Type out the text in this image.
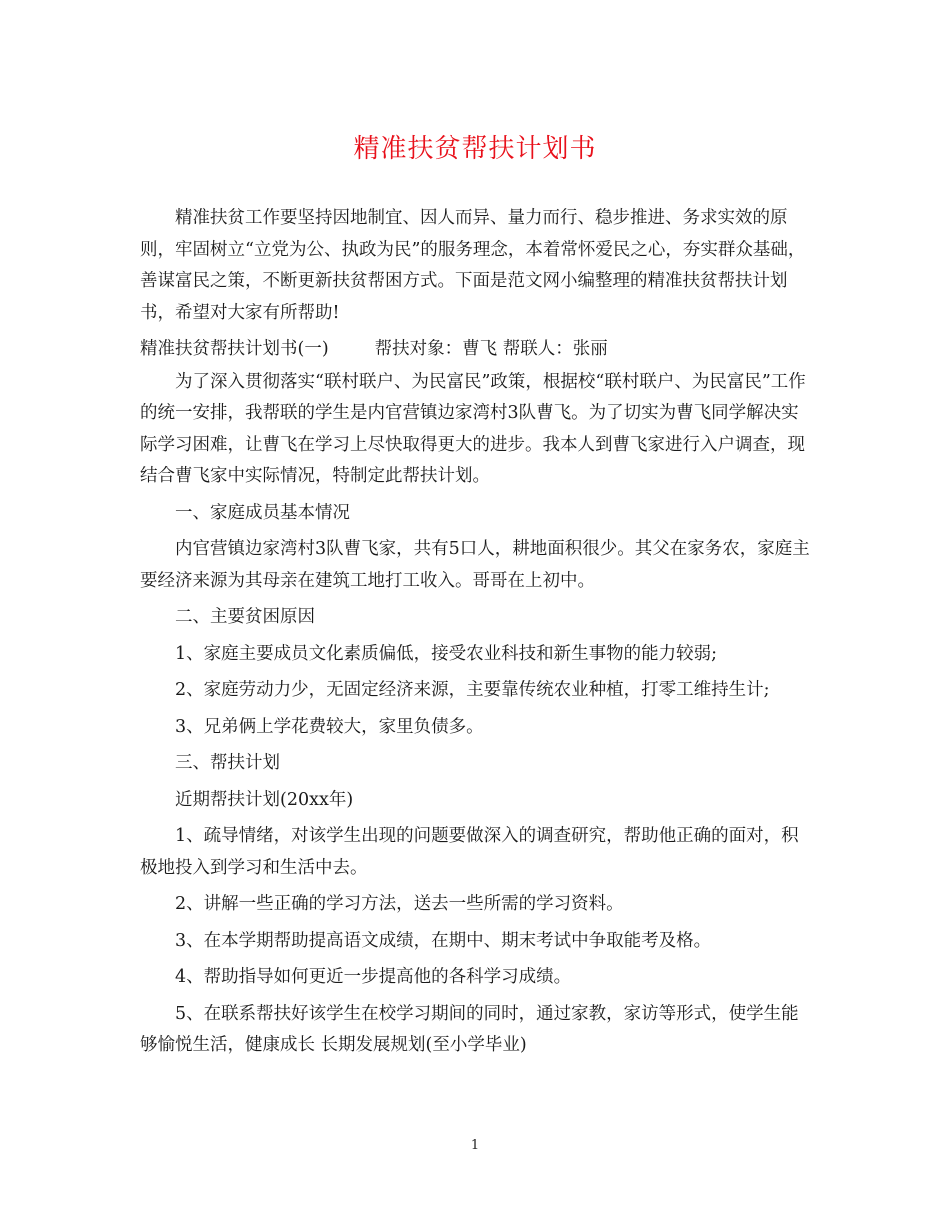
精准扶贫帮扶计划书

精准扶贫工作要坚持因地制宜、因人而异、量力而行、稳步推进、务求实效的原则，牢固树立“立党为公、执政为民”的服务理念，本着常怀爱民之心，夯实群众基础，善谋富民之策，不断更新扶贫帮困方式。下面是范文网小编整理的精准扶贫帮扶计划书，希望对大家有所帮助!

精准扶贫帮扶计划书(一)	帮扶对象：曹飞 帮联人：张丽

为了深入贯彻落实“联村联户、为民富民”政策，根据校“联村联户、为民富民”工作的统一安排，我帮联的学生是内官营镇边家湾村3队曹飞。为了切实为曹飞同学解决实际学习困难，让曹飞在学习上尽快取得更大的进步。我本人到曹飞家进行入户调查，现结合曹飞家中实际情况，特制定此帮扶计划。

一、家庭成员基本情况

内官营镇边家湾村3队曹飞家，共有5口人，耕地面积很少。其父在家务农，家庭主要经济来源为其母亲在建筑工地打工收入。哥哥在上初中。

二、主要贫困原因

1、家庭主要成员文化素质偏低，接受农业科技和新生事物的能力较弱;

2、家庭劳动力少，无固定经济来源，主要靠传统农业种植，打零工维持生计;

3、兄弟俩上学花费较大，家里负债多。

三、帮扶计划

近期帮扶计划(20xx年)

1、疏导情绪，对该学生出现的问题要做深入的调查研究，帮助他正确的面对，积极地投入到学习和生活中去。

2、讲解一些正确的学习方法，送去一些所需的学习资料。

3、在本学期帮助提高语文成绩，在期中、期末考试中争取能考及格。

4、帮助指导如何更近一步提高他的各科学习成绩。

5、在联系帮扶好该学生在校学习期间的同时，通过家教，家访等形式，使学生能够愉悦生活，健康成长 长期发展规划(至小学毕业)

1
